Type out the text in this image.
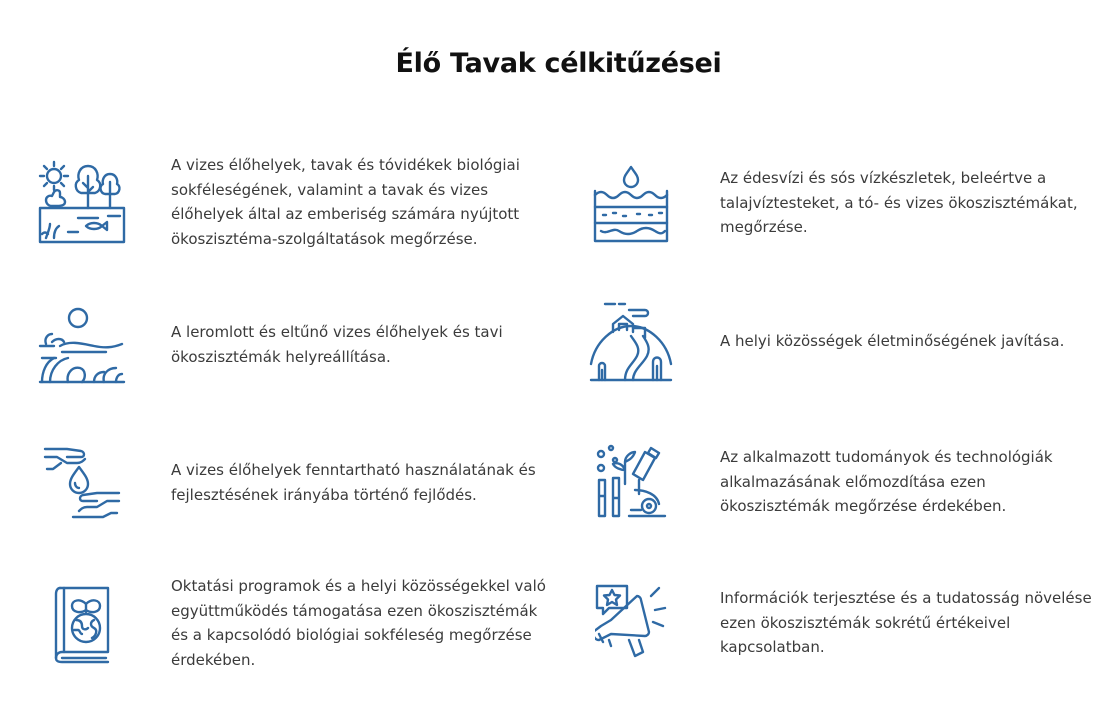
Élő Tavak célkitűzései
A vizes élőhelyek, tavak és tóvidékek biológiai
sokféleségének, valamint a tavak és vizes
élőhelyek által az emberiség számára nyújtott
ökoszisztéma-szolgáltatások megőrzése.
Az édesvízi és sós vízkészletek, beleértve a
talajvíztesteket, a tó- és vizes ökoszisztémákat,
megőrzése.
A leromlott és eltűnő vizes élőhelyek és tavi
ökoszisztémák helyreállítása.
A helyi közösségek életminőségének javítása.
A vizes élőhelyek fenntartható használatának és
fejlesztésének irányába történő fejlődés.
Az alkalmazott tudományok és technológiák
alkalmazásának előmozdítása ezen
ökoszisztémák megőrzése érdekében.
Oktatási programok és a helyi közösségekkel való
együttműködés támogatása ezen ökoszisztémák
és a kapcsolódó biológiai sokféleség megőrzése
érdekében.
Információk terjesztése és a tudatosság növelése
ezen ökoszisztémák sokrétű értékeivel
kapcsolatban.
